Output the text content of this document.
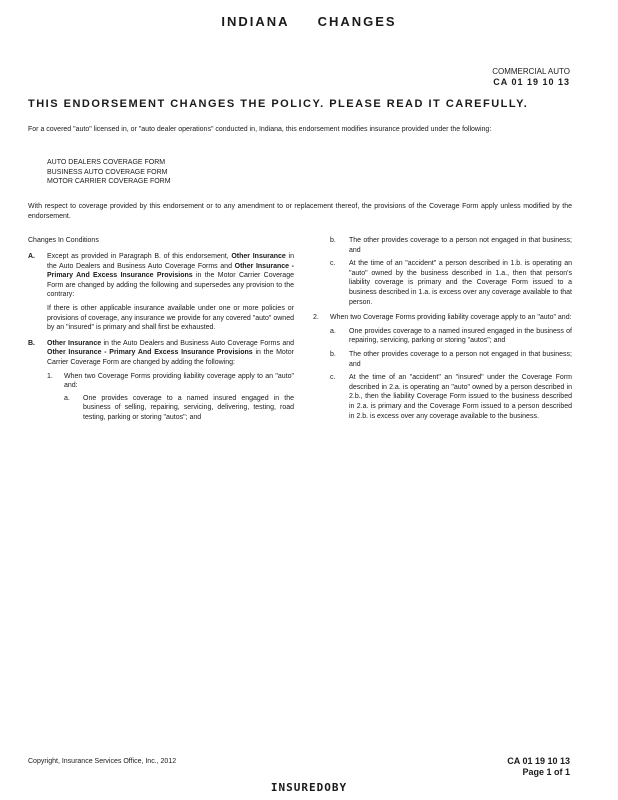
INDIANA CHANGES
COMMERCIAL AUTO
CA 01 19 10 13
THIS ENDORSEMENT CHANGES THE POLICY. PLEASE READ IT CAREFULLY.
For a covered "auto" licensed in, or "auto dealer operations" conducted in, Indiana, this endorsement modifies insurance provided under the following:
AUTO DEALERS COVERAGE FORM
BUSINESS AUTO COVERAGE FORM
MOTOR CARRIER COVERAGE FORM
With respect to coverage provided by this endorsement or to any amendment to or replacement thereof, the provisions of the Coverage Form apply unless modified by the endorsement.
Changes In Conditions
A. Except as provided in Paragraph B. of this endorsement, Other Insurance in the Auto Dealers and Business Auto Coverage Forms and Other Insurance - Primary And Excess Insurance Provisions in the Motor Carrier Coverage Form are changed by adding the following and supersedes any provision to the contrary:
If there is other applicable insurance available under one or more policies or provisions of coverage, any insurance we provide for any covered "auto" owned by an "insured" is primary and shall first be exhausted.
B. Other Insurance in the Auto Dealers and Business Auto Coverage Forms and Other Insurance - Primary And Excess Insurance Provisions in the Motor Carrier Coverage Form are changed by adding the following:
1. When two Coverage Forms providing liability coverage apply to an "auto" and:
a. One provides coverage to a named insured engaged in the business of selling, repairing, servicing, delivering, testing, road testing, parking or storing "autos"; and
b. The other provides coverage to a person not engaged in that business; and
c. At the time of an "accident" a person described in 1.b. is operating an "auto" owned by the business described in 1.a., then that person's liability coverage is primary and the Coverage Form issued to a business described in 1.a. is excess over any coverage available to that person.
2. When two Coverage Forms providing liability coverage apply to an "auto" and:
a. One provides coverage to a named insured engaged in the business of repairing, servicing, parking or storing "autos"; and
b. The other provides coverage to a person not engaged in that business; and
c. At the time of an "accident" an "insured" under the Coverage Form described in 2.a. is operating an "auto" owned by a person described in 2.b., then the liability Coverage Form issued to the business described in 2.a. is primary and the Coverage Form issued to a person described in 2.b. is excess over any coverage available to the business.
Copyright, Insurance Services Office, Inc., 2012	CA 01 19 10 13
Page 1 of 1
INSUREDOBY
